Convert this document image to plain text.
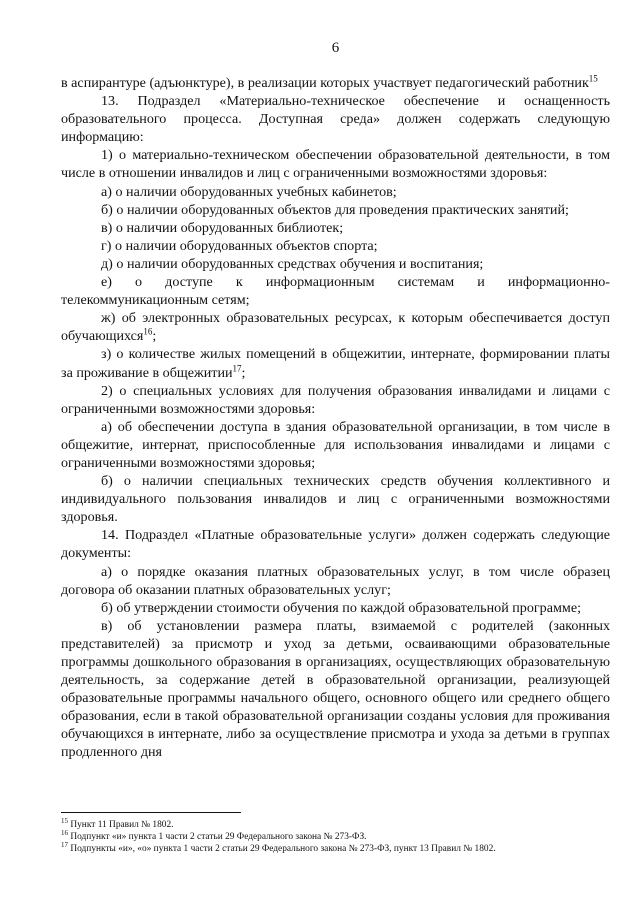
6

в аспирантуре (адъюнктуре), в реализации которых участвует педагогический работник$^{15}$

13. Подраздел «Материально-техническое обеспечение и оснащенность образовательного процесса. Доступная среда» должен содержать следующую информацию:

1) о материально-техническом обеспечении образовательной деятельности, в том числе в отношении инвалидов и лиц с ограниченными возможностями здоровья:

а) о наличии оборудованных учебных кабинетов;

б) о наличии оборудованных объектов для проведения практических занятий;

в) о наличии оборудованных библиотек;

г) о наличии оборудованных объектов спорта;

д) о наличии оборудованных средствах обучения и воспитания;

е) о доступе к информационным системам и информационно-телекоммуникационным сетям;

ж) об электронных образовательных ресурсах, к которым обеспечивается доступ обучающихся$^{16}$;

з) о количестве жилых помещений в общежитии, интернате, формировании платы за проживание в общежитии$^{17}$;

2) о специальных условиях для получения образования инвалидами и лицами с ограниченными возможностями здоровья:

а) об обеспечении доступа в здания образовательной организации, в том числе в общежитие, интернат, приспособленные для использования инвалидами и лицами с ограниченными возможностями здоровья;

б) о наличии специальных технических средств обучения коллективного и индивидуального пользования инвалидов и лиц с ограниченными возможностями здоровья.

14. Подраздел «Платные образовательные услуги» должен содержать следующие документы:

а) о порядке оказания платных образовательных услуг, в том числе образец договора об оказании платных образовательных услуг;

б) об утверждении стоимости обучения по каждой образовательной программе;

в) об установлении размера платы, взимаемой с родителей (законных представителей) за присмотр и уход за детьми, осваивающими образовательные программы дошкольного образования в организациях, осуществляющих образовательную деятельность, за содержание детей в образовательной организации, реализующей образовательные программы начального общего, основного общего или среднего общего образования, если в такой образовательной организации созданы условия для проживания обучающихся в интернате, либо за осуществление присмотра и ухода за детьми в группах продленного дня

$^{15}$ Пункт 11 Правил № 1802.

$^{16}$ Подпункт «и» пункта 1 части 2 статьи 29 Федерального закона № 273-ФЗ.

$^{17}$ Подпункты «и», «о» пункта 1 части 2 статьи 29 Федерального закона № 273-ФЗ, пункт 13 Правил № 1802.
